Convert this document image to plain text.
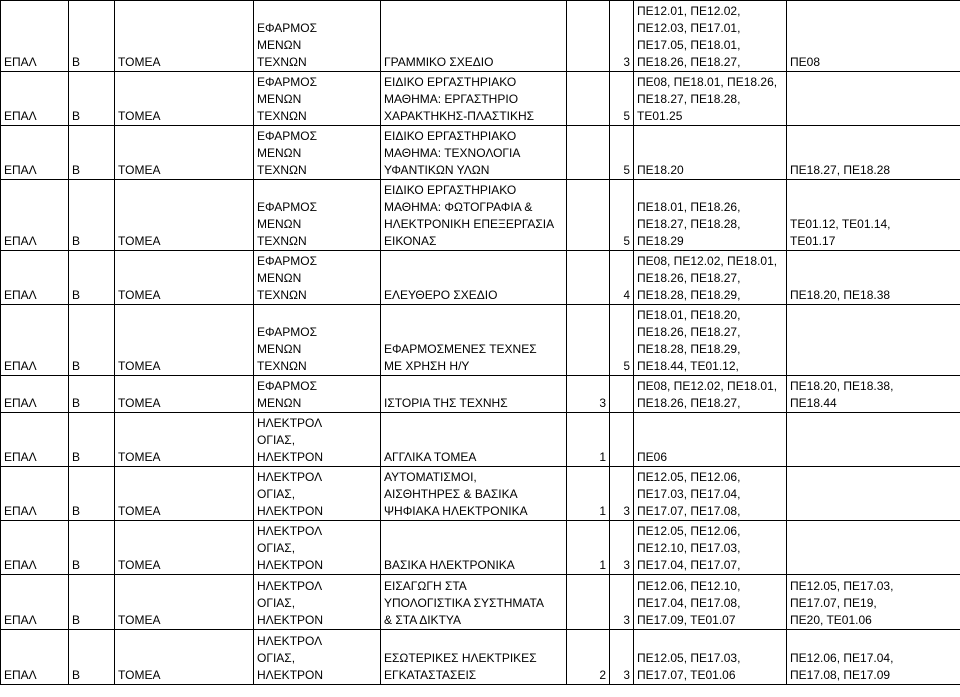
ΕΠΑΛ	Β	ΤΟΜΕΑ	ΕΦΑΡΜΟΣ
ΜΕΝΩΝ
ΤΕΧΝΩΝ	ΓΡΑΜΜΙΚΟ ΣΧΕΔΙΟ		3	ΠΕ12.01, ΠΕ12.02,
ΠΕ12.03, ΠΕ17.01,
ΠΕ17.05, ΠΕ18.01,
ΠΕ18.26, ΠΕ18.27,	ΠΕ08
ΕΠΑΛ	Β	ΤΟΜΕΑ	ΕΦΑΡΜΟΣ
ΜΕΝΩΝ
ΤΕΧΝΩΝ	ΕΙΔΙΚΟ ΕΡΓΑΣΤΗΡΙΑΚΟ
ΜΑΘΗΜΑ: ΕΡΓΑΣΤΗΡΙΟ
ΧΑΡΑΚΤΗΚΗΣ-ΠΛΑΣΤΙΚΗΣ		5	ΠΕ08, ΠΕ18.01, ΠΕ18.26,
ΠΕ18.27, ΠΕ18.28,
ΤΕ01.25	
ΕΠΑΛ	Β	ΤΟΜΕΑ	ΕΦΑΡΜΟΣ
ΜΕΝΩΝ
ΤΕΧΝΩΝ	ΕΙΔΙΚΟ ΕΡΓΑΣΤΗΡΙΑΚΟ
ΜΑΘΗΜΑ: ΤΕΧΝΟΛΟΓΙΑ
ΥΦΑΝΤΙΚΩΝ ΥΛΩΝ		5	ΠΕ18.20	ΠΕ18.27, ΠΕ18.28
ΕΠΑΛ	Β	ΤΟΜΕΑ	ΕΦΑΡΜΟΣ
ΜΕΝΩΝ
ΤΕΧΝΩΝ	ΕΙΔΙΚΟ ΕΡΓΑΣΤΗΡΙΑΚΟ
ΜΑΘΗΜΑ: ΦΩΤΟΓΡΑΦΙΑ &
ΗΛΕΚΤΡΟΝΙΚΗ ΕΠΕΞΕΡΓΑΣΙΑ
ΕΙΚΟΝΑΣ		5	ΠΕ18.01, ΠΕ18.26,
ΠΕ18.27, ΠΕ18.28,
ΠΕ18.29	ΤΕ01.12, ΤΕ01.14,
ΤΕ01.17
ΕΠΑΛ	Β	ΤΟΜΕΑ	ΕΦΑΡΜΟΣ
ΜΕΝΩΝ
ΤΕΧΝΩΝ	ΕΛΕΥΘΕΡΟ ΣΧΕΔΙΟ		4	ΠΕ08, ΠΕ12.02, ΠΕ18.01,
ΠΕ18.26, ΠΕ18.27,
ΠΕ18.28, ΠΕ18.29,	ΠΕ18.20, ΠΕ18.38
ΕΠΑΛ	Β	ΤΟΜΕΑ	ΕΦΑΡΜΟΣ
ΜΕΝΩΝ
ΤΕΧΝΩΝ	ΕΦΑΡΜΟΣΜΕΝΕΣ ΤΕΧΝΕΣ
ΜΕ ΧΡΗΣΗ Η/Υ		5	ΠΕ18.01, ΠΕ18.20,
ΠΕ18.26, ΠΕ18.27,
ΠΕ18.28, ΠΕ18.29,
ΠΕ18.44, ΤΕ01.12,	
ΕΠΑΛ	Β	ΤΟΜΕΑ	ΕΦΑΡΜΟΣ
ΜΕΝΩΝ	ΙΣΤΟΡΙΑ ΤΗΣ ΤΕΧΝΗΣ	3		ΠΕ08, ΠΕ12.02, ΠΕ18.01,
ΠΕ18.26, ΠΕ18.27,	ΠΕ18.20, ΠΕ18.38,
ΠΕ18.44
ΕΠΑΛ	Β	ΤΟΜΕΑ	ΗΛΕΚΤΡΟΛ
ΟΓΙΑΣ,
ΗΛΕΚΤΡΟΝ	ΑΓΓΛΙΚΑ ΤΟΜΕΑ	1		ΠΕ06	
ΕΠΑΛ	Β	ΤΟΜΕΑ	ΗΛΕΚΤΡΟΛ
ΟΓΙΑΣ,
ΗΛΕΚΤΡΟΝ	ΑΥΤΟΜΑΤΙΣΜΟΙ,
ΑΙΣΘΗΤΗΡΕΣ & ΒΑΣΙΚΑ
ΨΗΦΙΑΚΑ ΗΛΕΚΤΡΟΝΙΚΑ	1	3	ΠΕ12.05, ΠΕ12.06,
ΠΕ17.03, ΠΕ17.04,
ΠΕ17.07, ΠΕ17.08,	
ΕΠΑΛ	Β	ΤΟΜΕΑ	ΗΛΕΚΤΡΟΛ
ΟΓΙΑΣ,
ΗΛΕΚΤΡΟΝ	ΒΑΣΙΚΑ ΗΛΕΚΤΡΟΝΙΚΑ	1	3	ΠΕ12.05, ΠΕ12.06,
ΠΕ12.10, ΠΕ17.03,
ΠΕ17.04, ΠΕ17.07,	
ΕΠΑΛ	Β	ΤΟΜΕΑ	ΗΛΕΚΤΡΟΛ
ΟΓΙΑΣ,
ΗΛΕΚΤΡΟΝ	ΕΙΣΑΓΩΓΗ ΣΤΑ
ΥΠΟΛΟΓΙΣΤΙΚΑ ΣΥΣΤΗΜΑΤΑ
& ΣΤΑ ΔΙΚΤΥΑ		3	ΠΕ12.06, ΠΕ12.10,
ΠΕ17.04, ΠΕ17.08,
ΠΕ17.09, ΤΕ01.07	ΠΕ12.05, ΠΕ17.03,
ΠΕ17.07, ΠΕ19,
ΠΕ20, ΤΕ01.06
ΕΠΑΛ	Β	ΤΟΜΕΑ	ΗΛΕΚΤΡΟΛ
ΟΓΙΑΣ,
ΗΛΕΚΤΡΟΝ	ΕΣΩΤΕΡΙΚΕΣ ΗΛΕΚΤΡΙΚΕΣ
ΕΓΚΑΤΑΣΤΑΣΕΙΣ	2	3	ΠΕ12.05, ΠΕ17.03,
ΠΕ17.07, ΤΕ01.06	ΠΕ12.06, ΠΕ17.04,
ΠΕ17.08, ΠΕ17.09
